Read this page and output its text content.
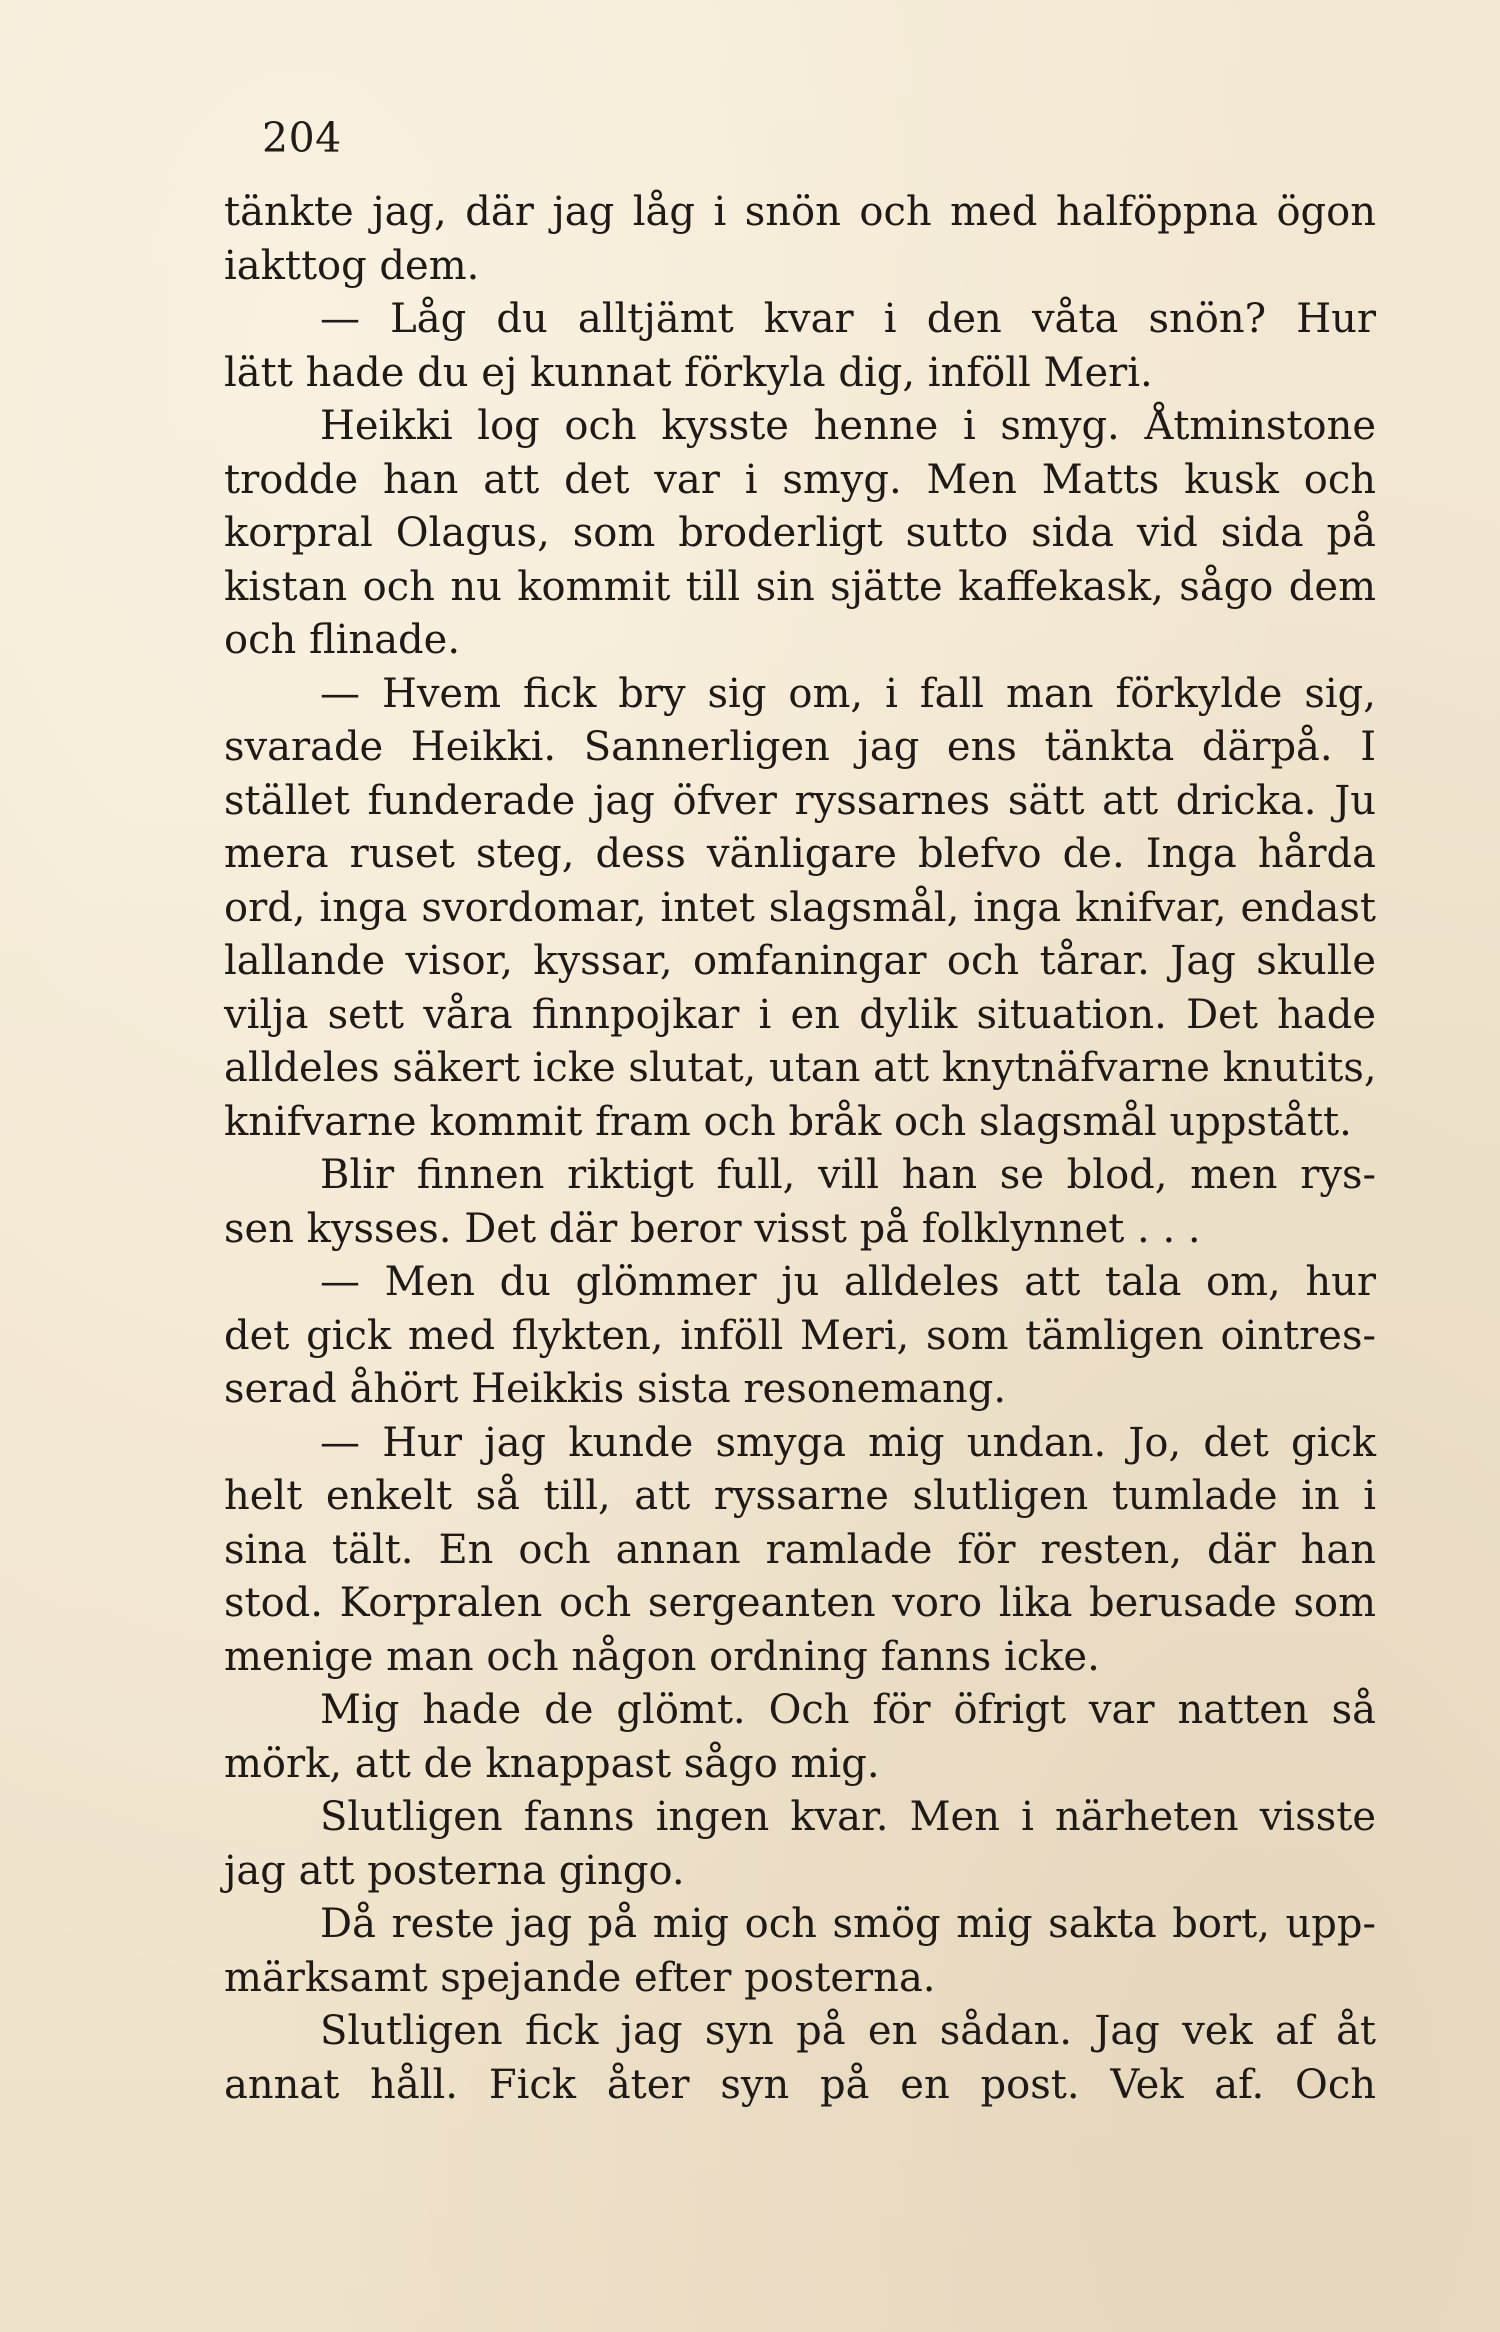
204
tänkte jag, där jag låg i snön och med halföppna ögon
iakttog dem.
— Låg du alltjämt kvar i den våta snön? Hur
lätt hade du ej kunnat förkyla dig, inföll Meri.
Heikki log och kysste henne i smyg. Åtminstone
trodde han att det var i smyg. Men Matts kusk och
korpral Olagus, som broderligt sutto sida vid sida på
kistan och nu kommit till sin sjätte kaffekask, sågo dem
och flinade.
— Hvem fick bry sig om, i fall man förkylde sig,
svarade Heikki. Sannerligen jag ens tänkta därpå. I
stället funderade jag öfver ryssarnes sätt att dricka. Ju
mera ruset steg, dess vänligare blefvo de. Inga hårda
ord, inga svordomar, intet slagsmål, inga knifvar, endast
lallande visor, kyssar, omfaningar och tårar. Jag skulle
vilja sett våra finnpojkar i en dylik situation. Det hade
alldeles säkert icke slutat, utan att knytnäfvarne knutits,
knifvarne kommit fram och bråk och slagsmål uppstått.
Blir finnen riktigt full, vill han se blod, men rys-
sen kysses. Det där beror visst på folklynnet . . .
— Men du glömmer ju alldeles att tala om, hur
det gick med flykten, inföll Meri, som tämligen ointres-
serad åhört Heikkis sista resonemang.
— Hur jag kunde smyga mig undan. Jo, det gick
helt enkelt så till, att ryssarne slutligen tumlade in i
sina tält. En och annan ramlade för resten, där han
stod. Korpralen och sergeanten voro lika berusade som
menige man och någon ordning fanns icke.
Mig hade de glömt. Och för öfrigt var natten så
mörk, att de knappast sågo mig.
Slutligen fanns ingen kvar. Men i närheten visste
jag att posterna gingo.
Då reste jag på mig och smög mig sakta bort, upp-
märksamt spejande efter posterna.
Slutligen fick jag syn på en sådan. Jag vek af åt
annat håll. Fick åter syn på en post. Vek af. Och
